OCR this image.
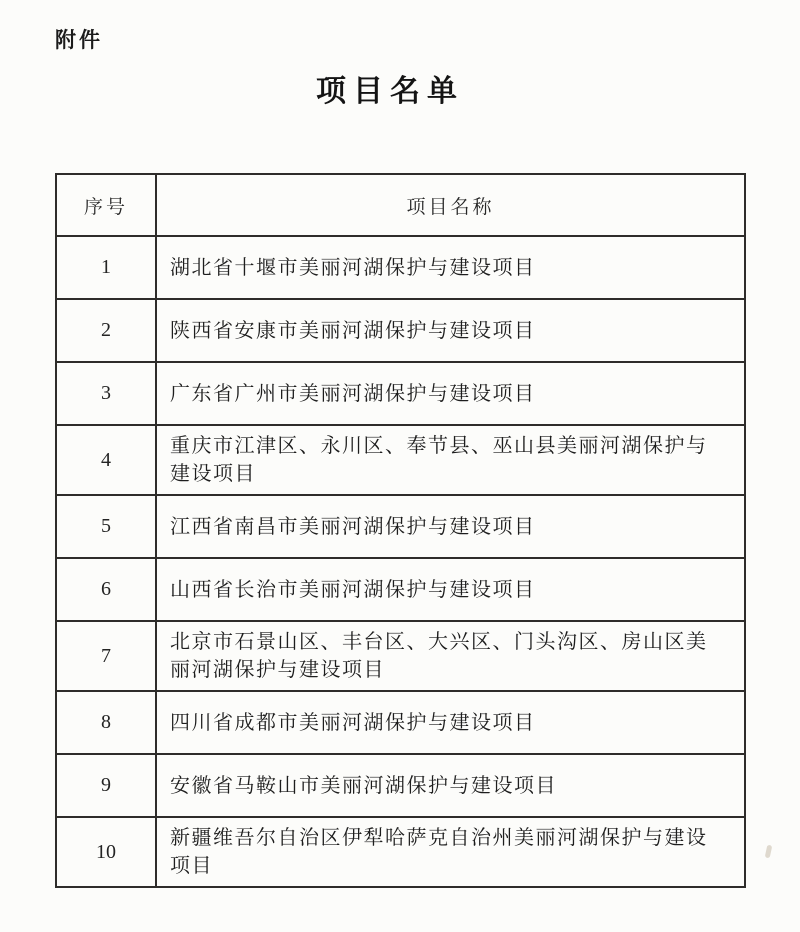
附件
项目名单
序号	项目名称
1	湖北省十堰市美丽河湖保护与建设项目
2	陕西省安康市美丽河湖保护与建设项目
3	广东省广州市美丽河湖保护与建设项目
4	重庆市江津区、永川区、奉节县、巫山县美丽河湖保护与建设项目
5	江西省南昌市美丽河湖保护与建设项目
6	山西省长治市美丽河湖保护与建设项目
7	北京市石景山区、丰台区、大兴区、门头沟区、房山区美丽河湖保护与建设项目
8	四川省成都市美丽河湖保护与建设项目
9	安徽省马鞍山市美丽河湖保护与建设项目
10	新疆维吾尔自治区伊犁哈萨克自治州美丽河湖保护与建设项目
